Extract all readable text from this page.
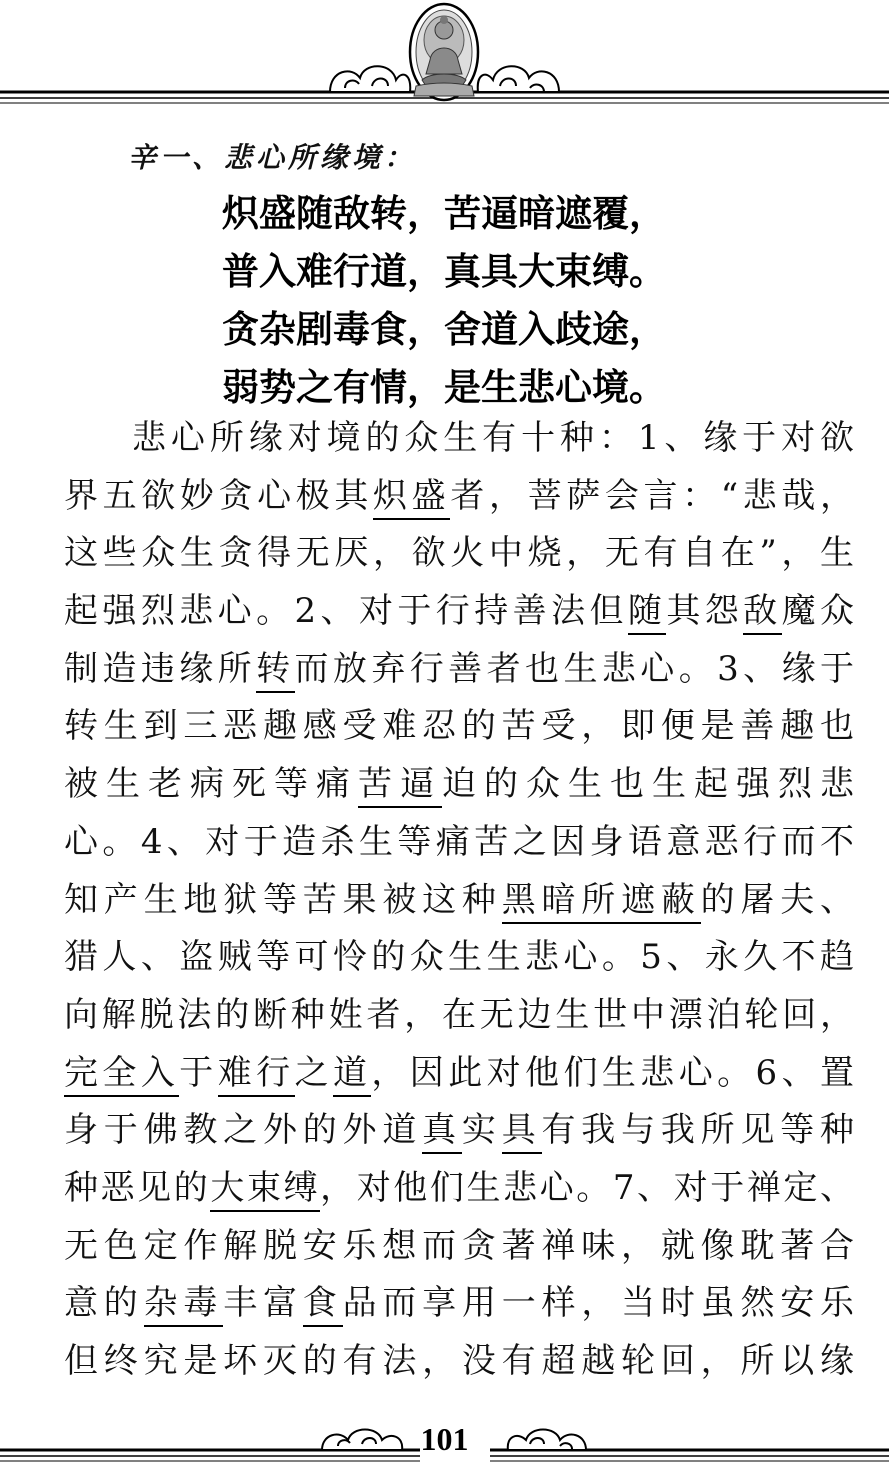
辛一、悲心所缘境：
炽盛随敌转，苦逼暗遮覆，
普入难行道，真具大束缚。
贪杂剧毒食，舍道入歧途，
弱势之有情，是生悲心境。
悲心所缘对境的众生有十种：1、缘于对欲
界五欲妙贪心极其炽盛者，菩萨会言：“悲哉，
这些众生贪得无厌，欲火中烧，无有自在”，生
起强烈悲心。2、对于行持善法但随其怨敌魔众
制造违缘所转而放弃行善者也生悲心。3、缘于
转生到三恶趣感受难忍的苦受，即便是善趣也
被生老病死等痛苦逼迫的众生也生起强烈悲
心。4、对于造杀生等痛苦之因身语意恶行而不
知产生地狱等苦果被这种黑暗所遮蔽的屠夫、
猎人、盗贼等可怜的众生生悲心。5、永久不趋
向解脱法的断种姓者，在无边生世中漂泊轮回，
完全入于难行之道，因此对他们生悲心。6、置
身于佛教之外的外道真实具有我与我所见等种
种恶见的大束缚，对他们生悲心。7、对于禅定、
无色定作解脱安乐想而贪著禅味，就像耽著合
意的杂毒丰富食品而享用一样，当时虽然安乐
但终究是坏灭的有法，没有超越轮回，所以缘
101
